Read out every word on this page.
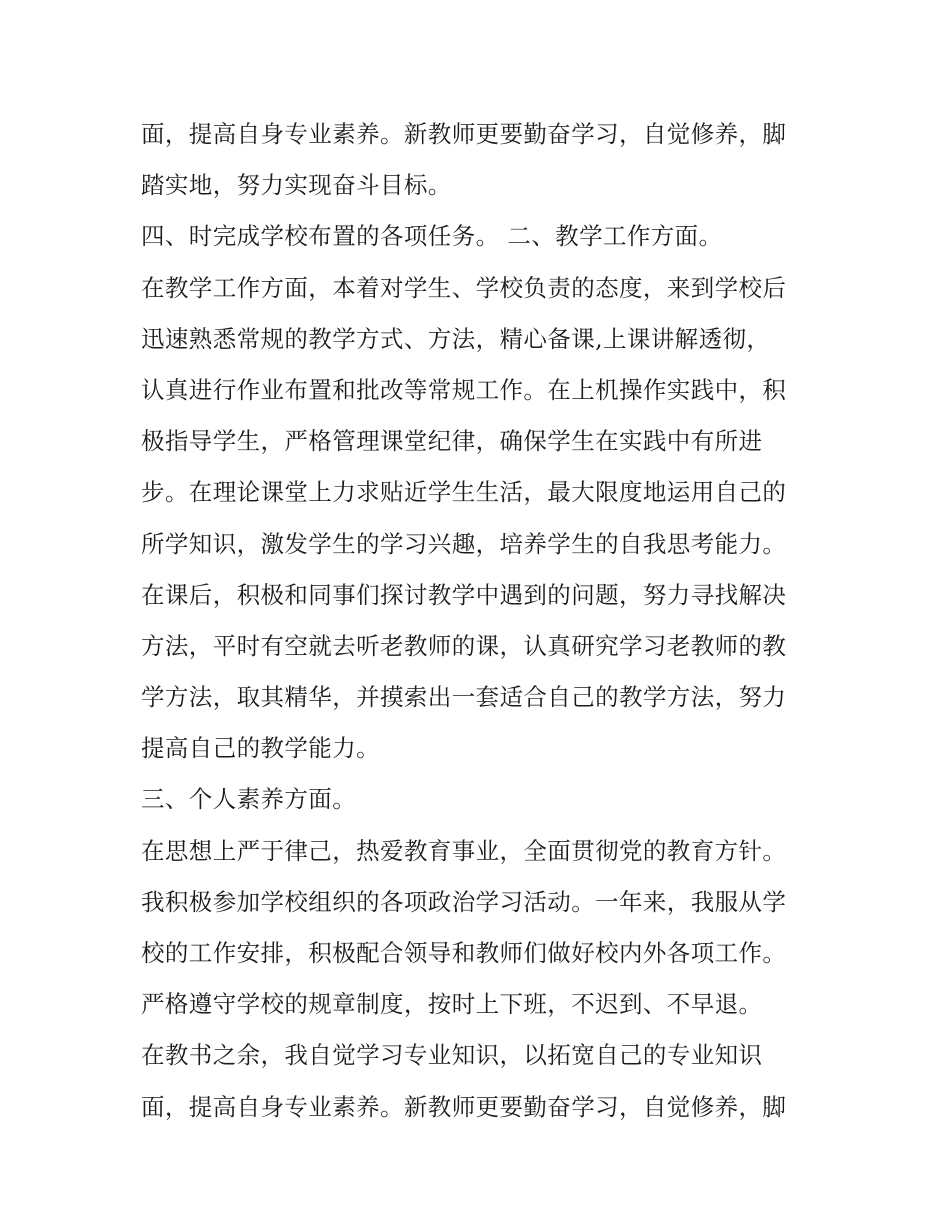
面，提高自身专业素养。新教师更要勤奋学习，自觉修养，脚
踏实地，努力实现奋斗目标。
四、时完成学校布置的各项任务。 二、教学工作方面。
在教学工作方面，本着对学生、学校负责的态度，来到学校后
迅速熟悉常规的教学方式、方法，精心备课,上课讲解透彻，
认真进行作业布置和批改等常规工作。在上机操作实践中，积
极指导学生，严格管理课堂纪律，确保学生在实践中有所进
步。在理论课堂上力求贴近学生生活，最大限度地运用自己的
所学知识，激发学生的学习兴趣，培养学生的自我思考能力。
在课后，积极和同事们探讨教学中遇到的问题，努力寻找解决
方法，平时有空就去听老教师的课，认真研究学习老教师的教
学方法，取其精华，并摸索出一套适合自己的教学方法，努力
提高自己的教学能力。
三、个人素养方面。
在思想上严于律己，热爱教育事业，全面贯彻党的教育方针。
我积极参加学校组织的各项政治学习活动。一年来，我服从学
校的工作安排，积极配合领导和教师们做好校内外各项工作。
严格遵守学校的规章制度，按时上下班，不迟到、不早退。
在教书之余，我自觉学习专业知识，以拓宽自己的专业知识
面，提高自身专业素养。新教师更要勤奋学习，自觉修养，脚
